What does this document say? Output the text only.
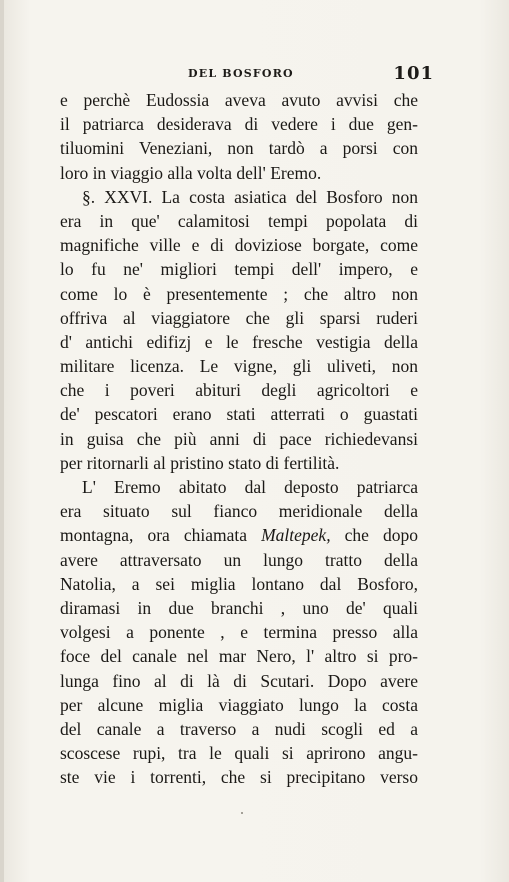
DEL BOSFORO	101
e perchè Eudossia aveva avuto avvisi che
il patriarca desiderava di vedere i due gen-
tiluomini Veneziani, non tardò a porsi con
loro in viaggio alla volta dell' Eremo.
§. XXVI. La costa asiatica del Bosforo non
era in que' calamitosi tempi popolata di
magnifiche ville e di doviziose borgate, come
lo fu ne' migliori tempi dell' impero, e
come lo è presentemente ; che altro non
offriva al viaggiatore che gli sparsi ruderi
d' antichi edifizj e le fresche vestigia della
militare licenza. Le vigne, gli uliveti, non
che i poveri abituri degli agricoltori e
de' pescatori erano stati atterrati o guastati
in guisa che più anni di pace richiedevansi
per ritornarli al pristino stato di fertilità.
L' Eremo abitato dal deposto patriarca
era situato sul fianco meridionale della
montagna, ora chiamata Maltepek, che dopo
avere attraversato un lungo tratto della
Natolia, a sei miglia lontano dal Bosforo,
diramasi in due branchi , uno de' quali
volgesi a ponente , e termina presso alla
foce del canale nel mar Nero, l' altro si pro-
lunga fino al di là di Scutari. Dopo avere
per alcune miglia viaggiato lungo la costa
del canale a traverso a nudi scogli ed a
scoscese rupi, tra le quali si aprirono angu-
ste vie i torrenti, che si precipitano verso
